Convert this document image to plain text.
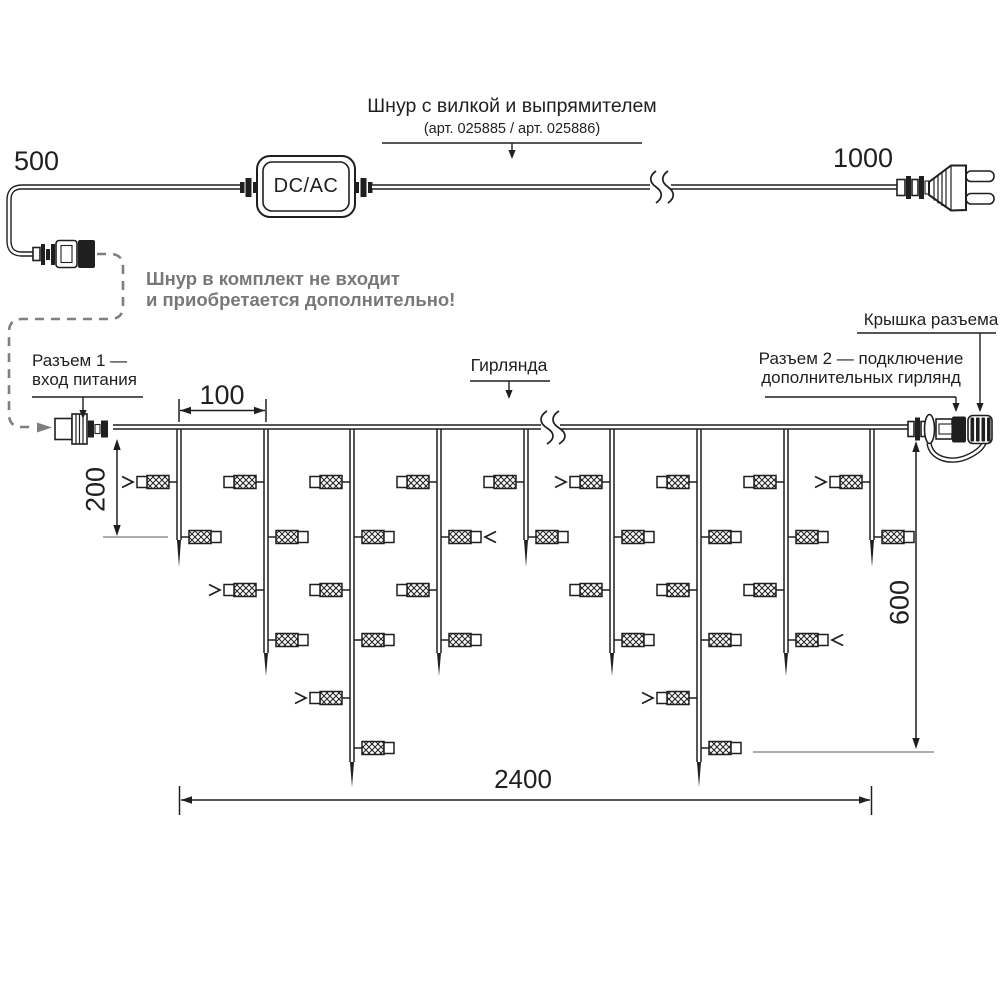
Шнур с вилкой и выпрямителем
(арт. 025885 / арт. 025886)
500	1000
DC/AC
Шнур в комплект не входит
и приобретается дополнительно!
Разъем 1 —
вход питания
100
Гирлянда	Разъем 2 — подключение
дополнительных гирлянд
Крышка разъема
200
600
2400
